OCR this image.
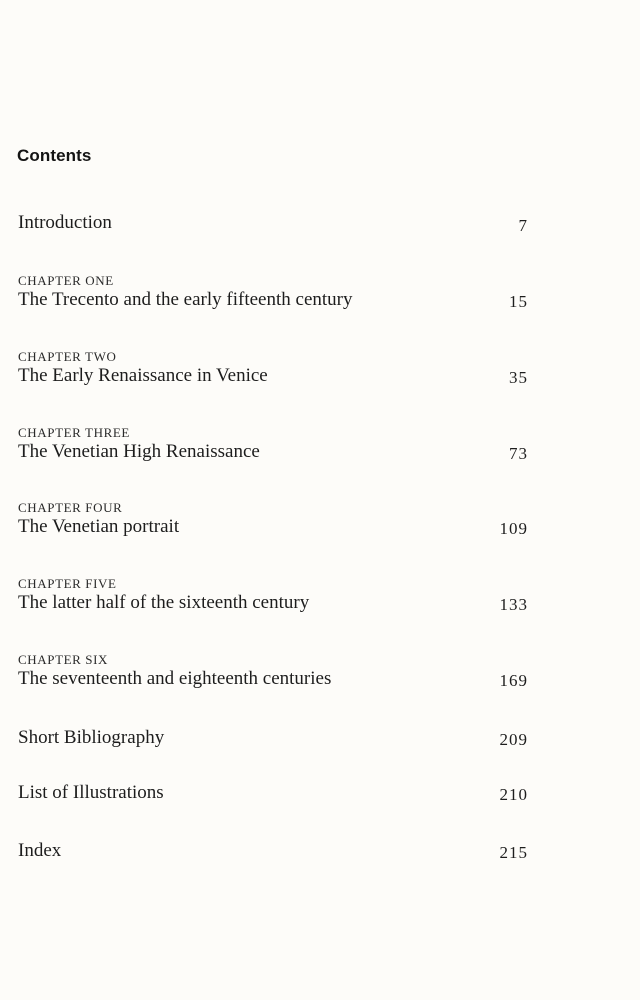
Contents
Introduction	7
CHAPTER ONE
The Trecento and the early fifteenth century	15
CHAPTER TWO
The Early Renaissance in Venice	35
CHAPTER THREE
The Venetian High Renaissance	73
CHAPTER FOUR
The Venetian portrait	109
CHAPTER FIVE
The latter half of the sixteenth century	133
CHAPTER SIX
The seventeenth and eighteenth centuries	169
Short Bibliography	209
List of Illustrations	210
Index	215
